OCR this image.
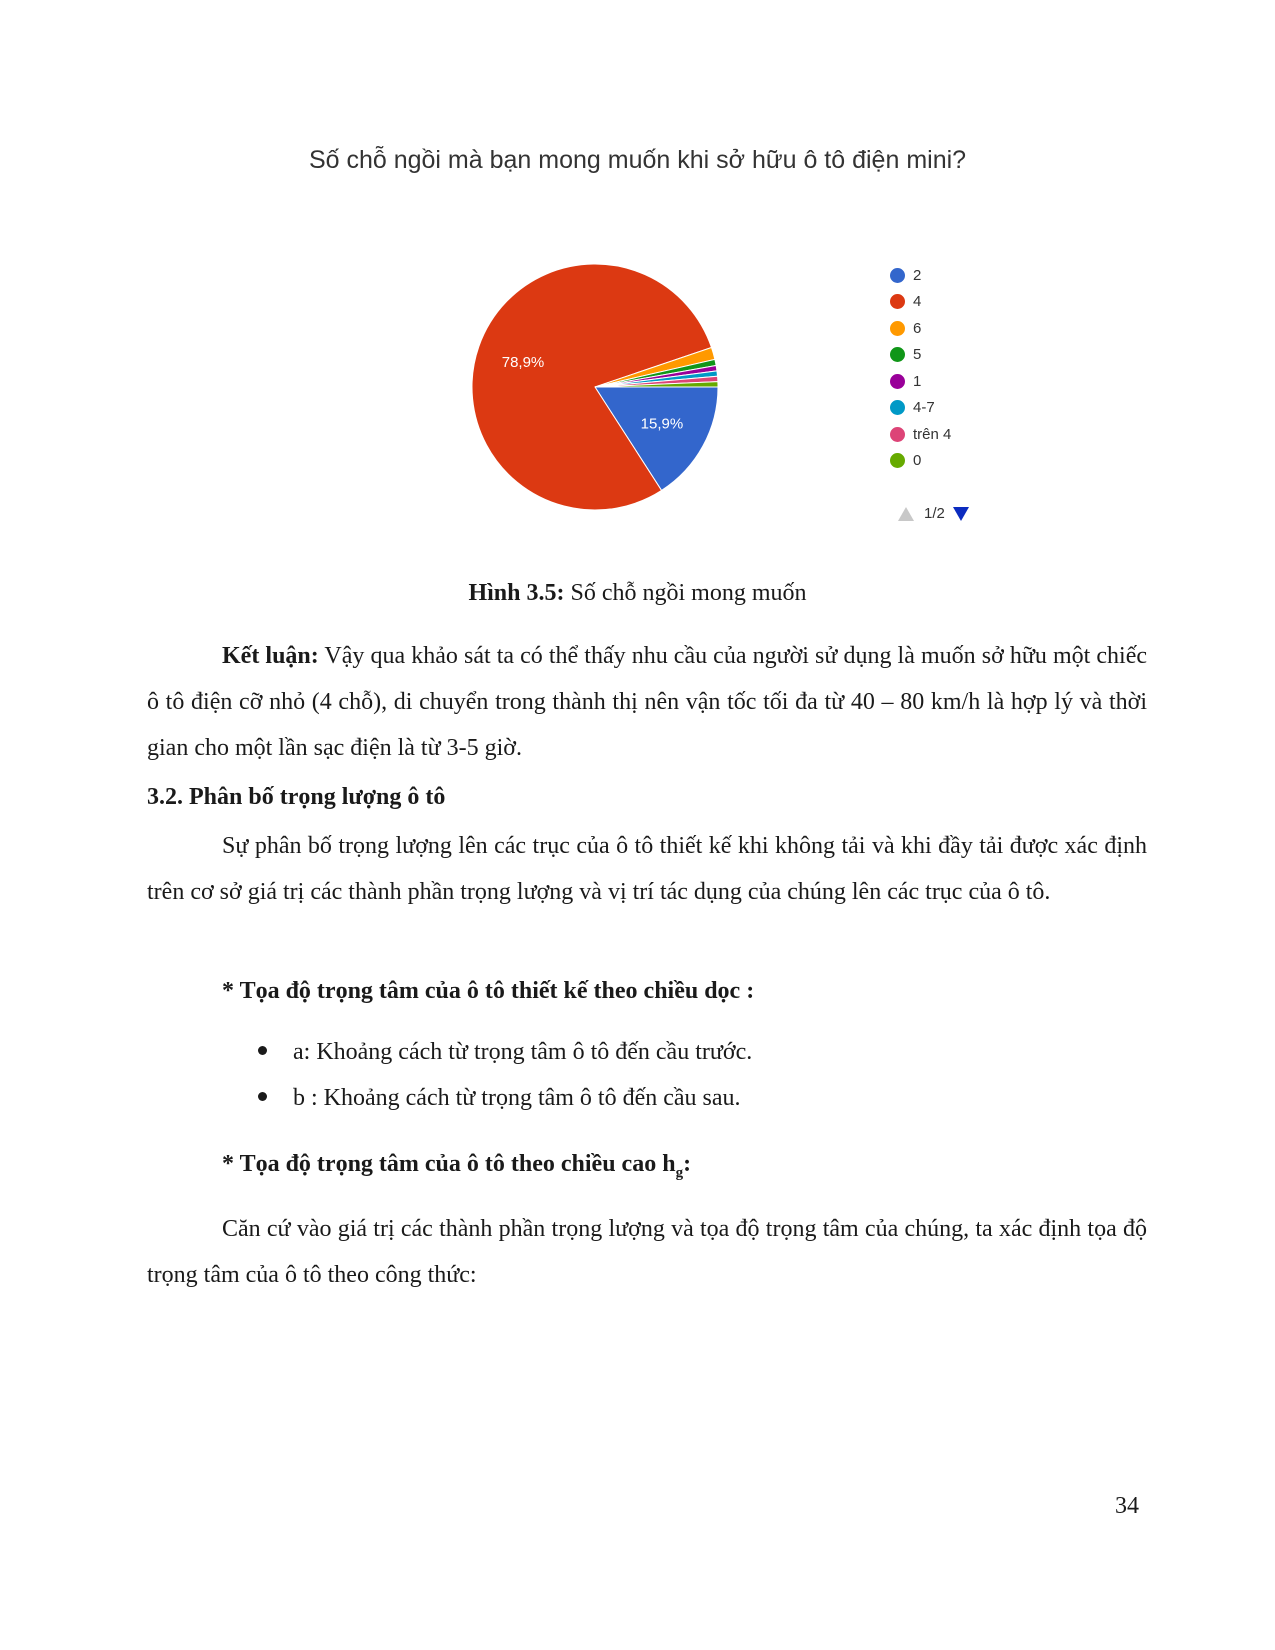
Số chỗ ngồi mà bạn mong muốn khi sở hữu ô tô điện mini?
15,9%
78,9%
2
4
6
5
1
4-7
trên 4
0
1/2
Hình 3.5: Số chỗ ngồi mong muốn
Kết luận: Vậy qua khảo sát ta có thể thấy nhu cầu của người sử dụng là muốn sở hữu một chiếc ô tô điện cỡ nhỏ (4 chỗ), di chuyển trong thành thị nên vận tốc tối đa từ 40 – 80 km/h là hợp lý và thời gian cho một lần sạc điện là từ 3-5 giờ.
3.2. Phân bố trọng lượng ô tô
Sự phân bố trọng lượng lên các trục của ô tô thiết kế khi không tải và khi đầy tải được xác định trên cơ sở giá trị các thành phần trọng lượng và vị trí tác dụng của chúng lên các trục của ô tô.
* Tọa độ trọng tâm của ô tô thiết kế theo chiều dọc :
a: Khoảng cách từ trọng tâm ô tô đến cầu trước.
b : Khoảng cách từ trọng tâm ô tô đến cầu sau.
* Tọa độ trọng tâm của ô tô theo chiều cao $h_g$:
Căn cứ vào giá trị các thành phần trọng lượng và tọa độ trọng tâm của chúng, ta xác định tọa độ trọng tâm của ô tô theo công thức:
34
